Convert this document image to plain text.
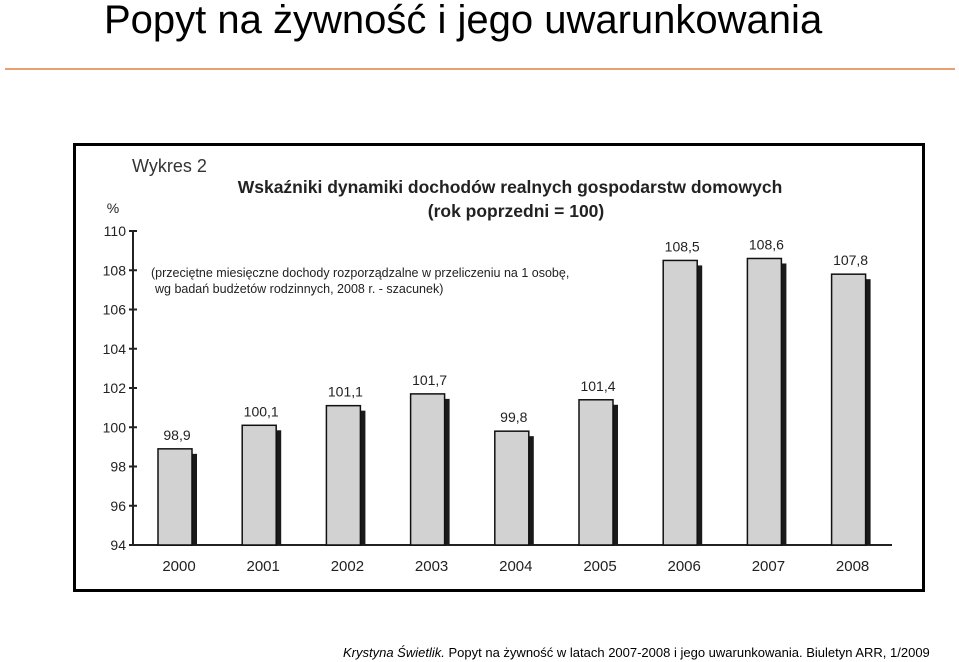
Popyt na żywność i jego uwarunkowania
Wykres 2
Wskaźniki dynamiki dochodów realnych gospodarstw domowych
(rok poprzedni = 100)
%
(przeciętne miesięczne dochody rozporządzalne w przeliczeniu na 1 osobę,
wg badań budżetów rodzinnych, 2008 r. - szacunek)
94
96
98
100
102
104
106
108
110
98,9
100,1
101,1
101,7
99,8
101,4
108,5	108,6
107,8
2000	2001	2002	2003	2004	2005	2006	2007	2008
Krystyna Świetlik. Popyt na żywność w latach 2007-2008 i jego uwarunkowania. Biuletyn ARR, 1/2009
